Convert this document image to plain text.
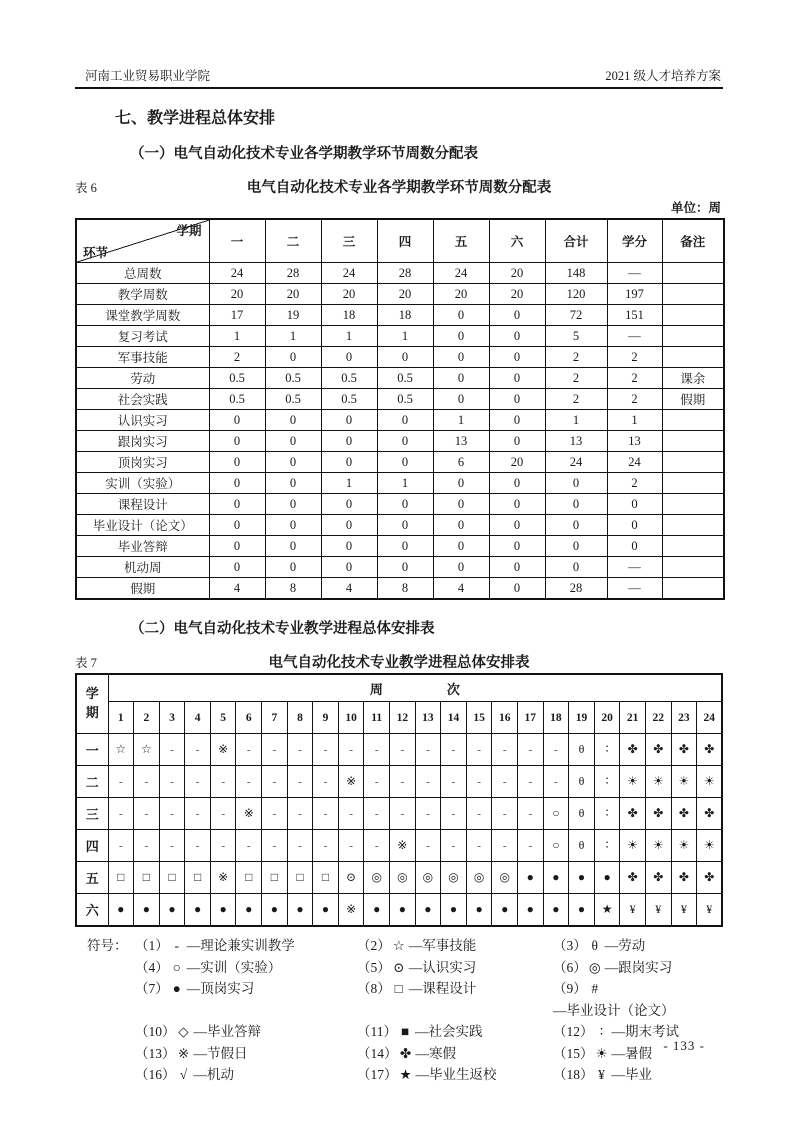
河南工业贸易职业学院	2021 级人才培养方案
七、教学进程总体安排
（一）电气自动化技术专业各学期教学环节周数分配表
表 6	电气自动化技术专业各学期教学环节周数分配表
单位：周
学期
环节	一	二	三	四	五	六	合计	学分	备注
总周数	24	28	24	28	24	20	148	—	
教学周数	20	20	20	20	20	20	120	197	
课堂教学周数	17	19	18	18	0	0	72	151	
复习考试	1	1	1	1	0	0	5	—	
军事技能	2	0	0	0	0	0	2	2	
劳动	0.5	0.5	0.5	0.5	0	0	2	2	课余
社会实践	0.5	0.5	0.5	0.5	0	0	2	2	假期
认识实习	0	0	0	0	1	0	1	1	
跟岗实习	0	0	0	0	13	0	13	13	
顶岗实习	0	0	0	0	6	20	24	24	
实训（实验）	0	0	1	1	0	0	0	2	
课程设计	0	0	0	0	0	0	0	0	
毕业设计（论文）	0	0	0	0	0	0	0	0	
毕业答辩	0	0	0	0	0	0	0	0	
机动周	0	0	0	0	0	0	0	—	
假期	4	8	4	8	4	0	28	—	
（二）电气自动化技术专业教学进程总体安排表
表 7	电气自动化技术专业教学进程总体安排表
学期	周 次																							

	1	2	3	4	5	6	7	8	9	10	11	12	13	14	15	16	17	18	19	20	21	22	23	24
一	☆	☆	-	-	※	-	-	-	-	-	-	-	-	-	-	-	-	-	θ	∶	✤	✤	✤	✤
二	-	-	-	-	-	-	-	-	-	※	-	-	-	-	-	-	-	-	θ	∶	☀	☀	☀	☀
三	-	-	-	-	-	※	-	-	-	-	-	-	-	-	-	-	-	○	θ	∶	✤	✤	✤	✤
四	-	-	-	-	-	-	-	-	-	-	-	※	-	-	-	-	-	○	θ	∶	☀	☀	☀	☀
五	□	□	□	□	※	□	□	□	□	⊙	◎	◎	◎	◎	◎	◎	●	●	●	●	✤	✤	✤	✤
六	●	●	●	●	●	●	●	●	●	※	●	●	●	●	●	●	●	●	●	★	¥	¥	¥	¥
符号： （1） - —理论兼实训教学	（2） ☆ —军事技能	（3） θ —劳动
（4） ○ —实训（实验）	（5） ⊙ —认识实习	（6） ◎ —跟岗实习
（7） ● —顶岗实习	（8） □ —课程设计	（9） #—毕业设计（论文）
（10） ◇ —毕业答辩	（11） ■ —社会实践	（12） ∶ —期末考试
（13） ※ —节假日	（14） ✤ —寒假	（15） ☀ —暑假
（16） √ —机动	（17） ★ —毕业生返校	（18） ¥ —毕业
- 133 -
